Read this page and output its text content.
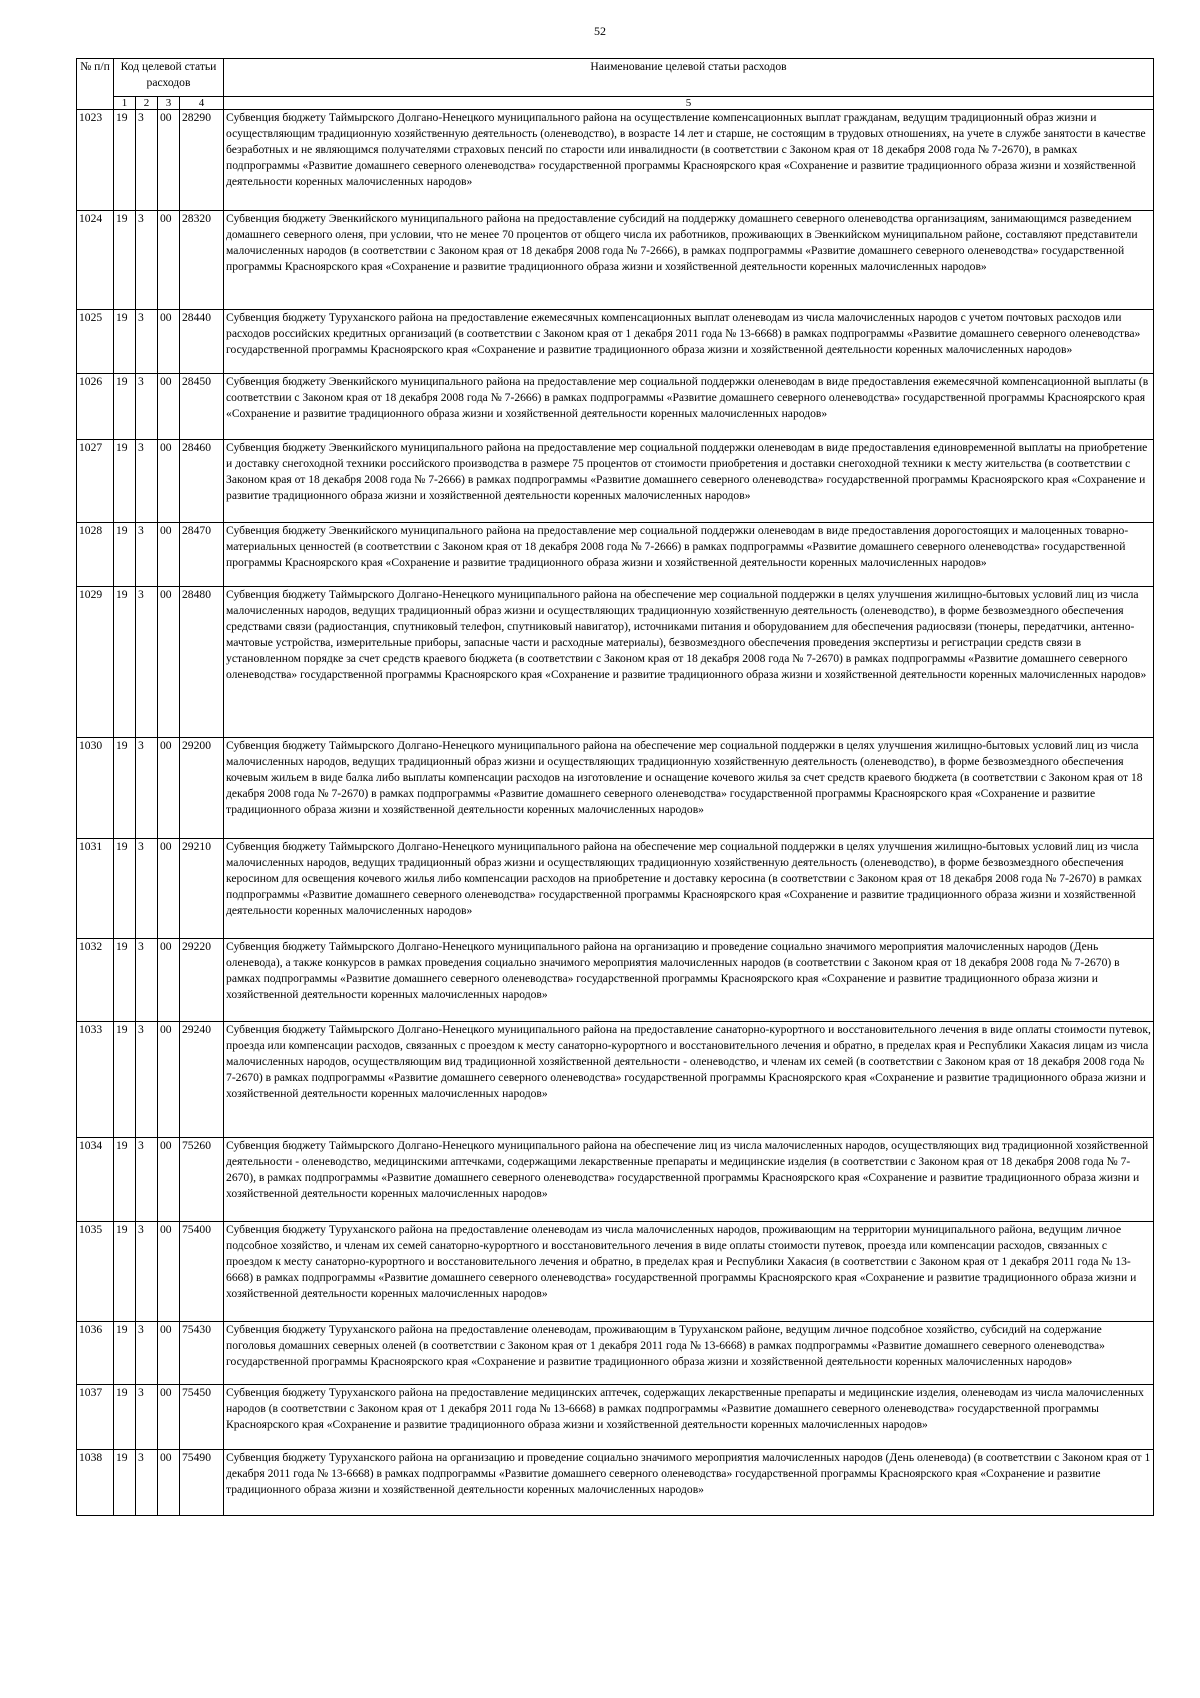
52
№ п/п	Код целевой статьи расходов				Наименование целевой статьи расходов
	1	2	3	4	5
1023	19	3	00	28290	Субвенция бюджету Таймырского Долгано-Ненецкого муниципального района на осуществление компенсационных выплат гражданам, ведущим традиционный образ жизни и осуществляющим традиционную хозяйственную деятельность (оленеводство), в возрасте 14 лет и старше, не состоящим в трудовых отношениях, на учете в службе занятости в качестве безработных и не являющимся получателями страховых пенсий по старости или инвалидности (в соответствии с Законом края от 18 декабря 2008 года № 7-2670), в рамках подпрограммы «Развитие домашнего северного оленеводства» государственной программы Красноярского края «Сохранение и развитие традиционного образа жизни и хозяйственной деятельности коренных малочисленных народов»
1024	19	3	00	28320	Субвенция бюджету Эвенкийского муниципального района на предоставление субсидий на поддержку домашнего северного оленеводства организациям, занимающимся разведением домашнего северного оленя, при условии, что не менее 70 процентов от общего числа их работников, проживающих в Эвенкийском муниципальном районе, составляют представители малочисленных народов (в соответствии с Законом края от 18 декабря 2008 года № 7-2666), в рамках подпрограммы «Развитие домашнего северного оленеводства» государственной программы Красноярского края «Сохранение и развитие традиционного образа жизни и хозяйственной деятельности коренных малочисленных народов»
1025	19	3	00	28440	Субвенция бюджету Туруханского района на предоставление ежемесячных компенсационных выплат оленеводам из числа малочисленных народов с учетом почтовых расходов или расходов российских кредитных организаций (в соответствии с Законом края от 1 декабря 2011 года № 13-6668) в рамках подпрограммы «Развитие домашнего северного оленеводства» государственной программы Красноярского края «Сохранение и развитие традиционного образа жизни и хозяйственной деятельности коренных малочисленных народов»
1026	19	3	00	28450	Субвенция бюджету Эвенкийского муниципального района на предоставление мер социальной поддержки оленеводам в виде предоставления ежемесячной компенсационной выплаты (в соответствии с Законом края от 18 декабря 2008 года № 7-2666) в рамках подпрограммы «Развитие домашнего северного оленеводства» государственной программы Красноярского края «Сохранение и развитие традиционного образа жизни и хозяйственной деятельности коренных малочисленных народов»
1027	19	3	00	28460	Субвенция бюджету Эвенкийского муниципального района на предоставление мер социальной поддержки оленеводам в виде предоставления единовременной выплаты на приобретение и доставку снегоходной техники российского производства в размере 75 процентов от стоимости приобретения и доставки снегоходной техники к месту жительства (в соответствии с Законом края от 18 декабря 2008 года № 7-2666) в рамках подпрограммы «Развитие домашнего северного оленеводства» государственной программы Красноярского края «Сохранение и развитие традиционного образа жизни и хозяйственной деятельности коренных малочисленных народов»
1028	19	3	00	28470	Субвенция бюджету Эвенкийского муниципального района на предоставление мер социальной поддержки оленеводам в виде предоставления дорогостоящих и малоценных товарно-материальных ценностей (в соответствии с Законом края от 18 декабря 2008 года № 7-2666) в рамках подпрограммы «Развитие домашнего северного оленеводства» государственной программы Красноярского края «Сохранение и развитие традиционного образа жизни и хозяйственной деятельности коренных малочисленных народов»
1029	19	3	00	28480	Субвенция бюджету Таймырского Долгано-Ненецкого муниципального района на обеспечение мер социальной поддержки в целях улучшения жилищно-бытовых условий лиц из числа малочисленных народов, ведущих традиционный образ жизни и осуществляющих традиционную хозяйственную деятельность (оленеводство), в форме безвозмездного обеспечения средствами связи (радиостанция, спутниковый телефон, спутниковый навигатор), источниками питания и оборудованием для обеспечения радиосвязи (тюнеры, передатчики, антенно-мачтовые устройства, измерительные приборы, запасные части и расходные материалы), безвозмездного обеспечения проведения экспертизы и регистрации средств связи в установленном порядке за счет средств краевого бюджета (в соответствии с Законом края от 18 декабря 2008 года № 7-2670) в рамках подпрограммы «Развитие домашнего северного оленеводства» государственной программы Красноярского края «Сохранение и развитие традиционного образа жизни и хозяйственной деятельности коренных малочисленных народов»
1030	19	3	00	29200	Субвенция бюджету Таймырского Долгано-Ненецкого муниципального района на обеспечение мер социальной поддержки в целях улучшения жилищно-бытовых условий лиц из числа малочисленных народов, ведущих традиционный образ жизни и осуществляющих традиционную хозяйственную деятельность (оленеводство), в форме безвозмездного обеспечения кочевым жильем в виде балка либо выплаты компенсации расходов на изготовление и оснащение кочевого жилья за счет средств краевого бюджета (в соответствии с Законом края от 18 декабря 2008 года № 7-2670) в рамках подпрограммы «Развитие домашнего северного оленеводства» государственной программы Красноярского края «Сохранение и развитие традиционного образа жизни и хозяйственной деятельности коренных малочисленных народов»
1031	19	3	00	29210	Субвенция бюджету Таймырского Долгано-Ненецкого муниципального района на обеспечение мер социальной поддержки в целях улучшения жилищно-бытовых условий лиц из числа малочисленных народов, ведущих традиционный образ жизни и осуществляющих традиционную хозяйственную деятельность (оленеводство), в форме безвозмездного обеспечения керосином для освещения кочевого жилья либо компенсации расходов на приобретение и доставку керосина (в соответствии с Законом края от 18 декабря 2008 года № 7-2670) в рамках подпрограммы «Развитие домашнего северного оленеводства» государственной программы Красноярского края «Сохранение и развитие традиционного образа жизни и хозяйственной деятельности коренных малочисленных народов»
1032	19	3	00	29220	Субвенция бюджету Таймырского Долгано-Ненецкого муниципального района на организацию и проведение социально значимого мероприятия малочисленных народов (День оленевода), а также конкурсов в рамках проведения социально значимого мероприятия малочисленных народов (в соответствии с Законом края от 18 декабря 2008 года № 7-2670) в рамках подпрограммы «Развитие домашнего северного оленеводства» государственной программы Красноярского края «Сохранение и развитие традиционного образа жизни и хозяйственной деятельности коренных малочисленных народов»
1033	19	3	00	29240	Субвенция бюджету Таймырского Долгано-Ненецкого муниципального района на предоставление санаторно-курортного и восстановительного лечения в виде оплаты стоимости путевок, проезда или компенсации расходов, связанных с проездом к месту санаторно-курортного и восстановительного лечения и обратно, в пределах края и Республики Хакасия лицам из числа малочисленных народов, осуществляющим вид традиционной хозяйственной деятельности - оленеводство, и членам их семей (в соответствии с Законом края от 18 декабря 2008 года № 7-2670) в рамках подпрограммы «Развитие домашнего северного оленеводства» государственной программы Красноярского края «Сохранение и развитие традиционного образа жизни и хозяйственной деятельности коренных малочисленных народов»
1034	19	3	00	75260	Субвенция бюджету Таймырского Долгано-Ненецкого муниципального района на обеспечение лиц из числа малочисленных народов, осуществляющих вид традиционной хозяйственной деятельности - оленеводство, медицинскими аптечками, содержащими лекарственные препараты и медицинские изделия (в соответствии с Законом края от 18 декабря 2008 года № 7-2670), в рамках подпрограммы «Развитие домашнего северного оленеводства» государственной программы Красноярского края «Сохранение и развитие традиционного образа жизни и хозяйственной деятельности коренных малочисленных народов»
1035	19	3	00	75400	Субвенция бюджету Туруханского района на предоставление оленеводам из числа малочисленных народов, проживающим на территории муниципального района, ведущим личное подсобное хозяйство, и членам их семей санаторно-курортного и восстановительного лечения в виде оплаты стоимости путевок, проезда или компенсации расходов, связанных с проездом к месту санаторно-курортного и восстановительного лечения и обратно, в пределах края и Республики Хакасия (в соответствии с Законом края от 1 декабря 2011 года № 13-6668) в рамках подпрограммы «Развитие домашнего северного оленеводства» государственной программы Красноярского края «Сохранение и развитие традиционного образа жизни и хозяйственной деятельности коренных малочисленных народов»
1036	19	3	00	75430	Субвенция бюджету Туруханского района на предоставление оленеводам, проживающим в Туруханском районе, ведущим личное подсобное хозяйство, субсидий на содержание поголовья домашних северных оленей (в соответствии с Законом края от 1 декабря 2011 года № 13-6668) в рамках подпрограммы «Развитие домашнего северного оленеводства» государственной программы Красноярского края «Сохранение и развитие традиционного образа жизни и хозяйственной деятельности коренных малочисленных народов»
1037	19	3	00	75450	Субвенция бюджету Туруханского района на предоставление медицинских аптечек, содержащих лекарственные препараты и медицинские изделия, оленеводам из числа малочисленных народов (в соответствии с Законом края от 1 декабря 2011 года № 13-6668) в рамках подпрограммы «Развитие домашнего северного оленеводства» государственной программы Красноярского края «Сохранение и развитие традиционного образа жизни и хозяйственной деятельности коренных малочисленных народов»
1038	19	3	00	75490	Субвенция бюджету Туруханского района на организацию и проведение социально значимого мероприятия малочисленных народов (День оленевода) (в соответствии с Законом края от 1 декабря 2011 года № 13-6668) в рамках подпрограммы «Развитие домашнего северного оленеводства» государственной программы Красноярского края «Сохранение и развитие традиционного образа жизни и хозяйственной деятельности коренных малочисленных народов»
